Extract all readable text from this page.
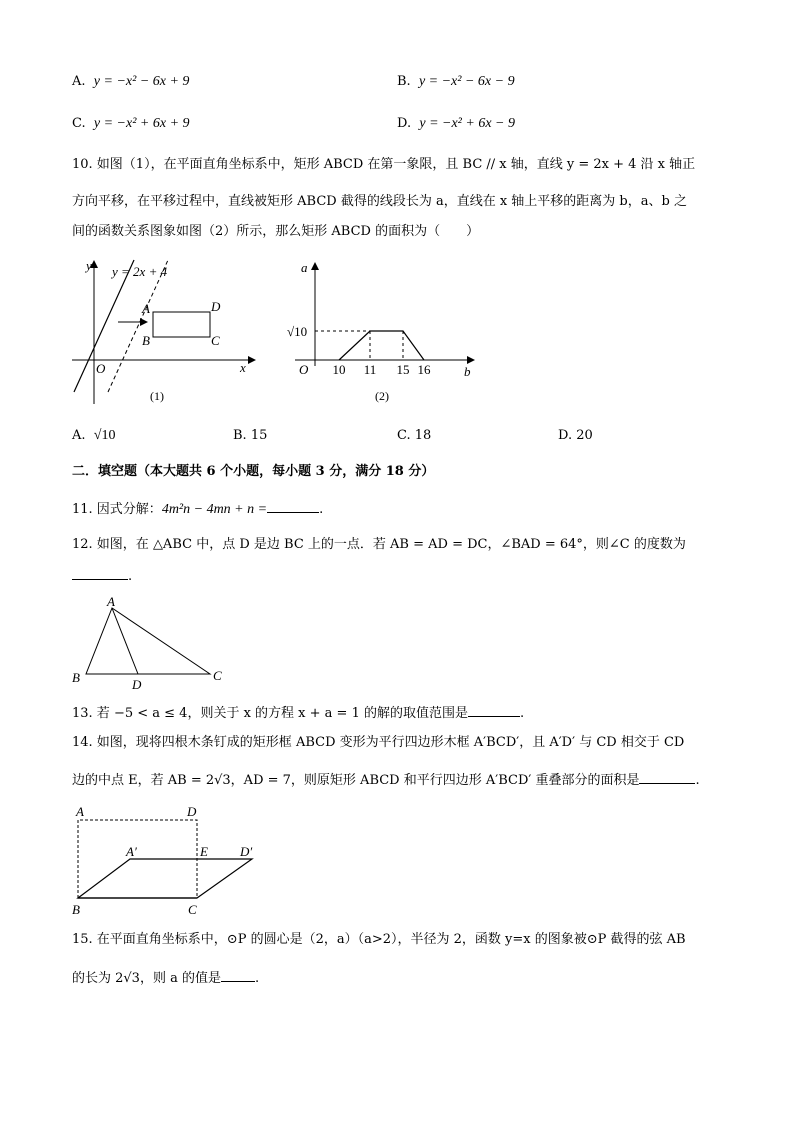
A. y = −x² − 6x + 9	B. y = −x² − 6x − 9
C. y = −x² + 6x + 9	D. y = −x² + 6x − 9
10. 如图（1），在平面直角坐标系中，矩形 ABCD 在第一象限，且 BC // x 轴，直线 y = 2x + 4 沿 x 轴正
方向平移，在平移过程中，直线被矩形 ABCD 截得的线段长为 a，直线在 x 轴上平移的距离为 b，a、b 之
间的函数关系图象如图（2）所示，那么矩形 ABCD 的面积为（　　）
y y = 2x + 4
x
O
A
B	C
D
(1)
a
b
O
√10
10 11 15 16
(2)
A. √10	B. 15	C. 18	D. 20
二．填空题（本大题共 6 个小题，每小题 3 分，满分 18 分）
11. 因式分解：4m²n − 4mn + n =	.
12. 如图，在 △ABC 中，点 D 是边 BC 上的一点．若 AB = AD = DC，∠BAD = 64°，则∠C 的度数为
.
A
B	C
D
13. 若 −5 < a ≤ 4，则关于 x 的方程 x + a = 1 的解的取值范围是	.
14. 如图，现将四根木条钉成的矩形框 ABCD 变形为平行四边形木框 A′BCD′，且 A′D′ 与 CD 相交于 CD
边的中点 E，若 AB = 2√3，AD = 7，则原矩形 ABCD 和平行四边形 A′BCD′ 重叠部分的面积是	.
A	D
A′	E D′
B	C
15. 在平面直角坐标系中，⊙P 的圆心是（2，a）（a>2），半径为 2，函数 y=x 的图象被⊙P 截得的弦 AB
的长为 2√3，则 a 的值是	.
